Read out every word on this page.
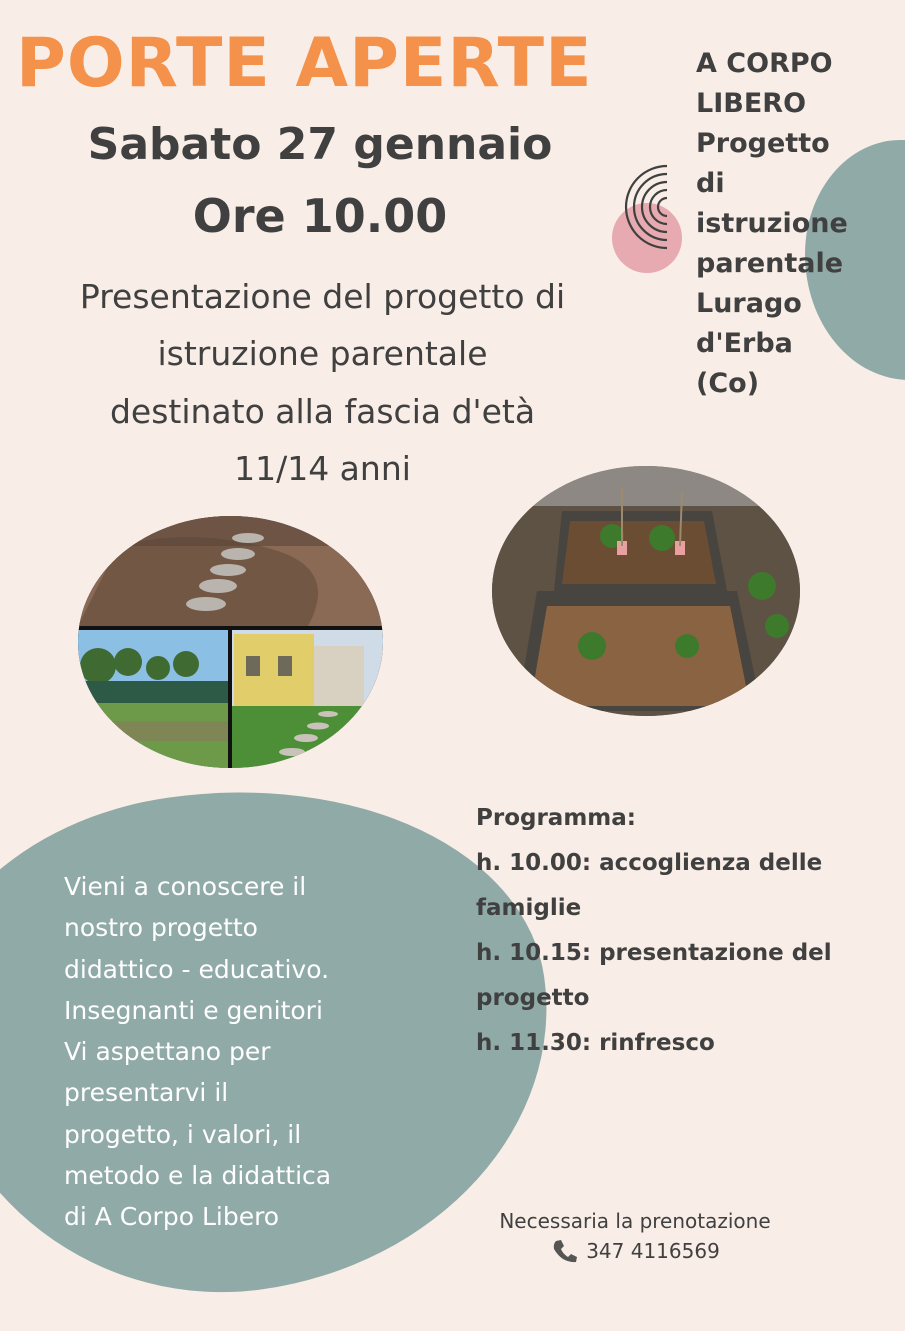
PORTE APERTE
Sabato 27 gennaio
Ore 10.00
Presentazione del progetto di
istruzione parentale
destinato alla fascia d'età
11/14 anni
A CORPO
LIBERO
Progetto
di
istruzione
parentale
Lurago
d'Erba
(Co)
Programma:
h. 10.00: accoglienza delle
famiglie
h. 10.15: presentazione del
progetto
h. 11.30: rinfresco
Vieni a conoscere il
nostro progetto
didattico - educativo.
Insegnanti e genitori
Vi aspettano per
presentarvi il
progetto, i valori, il
metodo e la didattica
di A Corpo Libero	Necessaria la prenotazione
347 4116569
